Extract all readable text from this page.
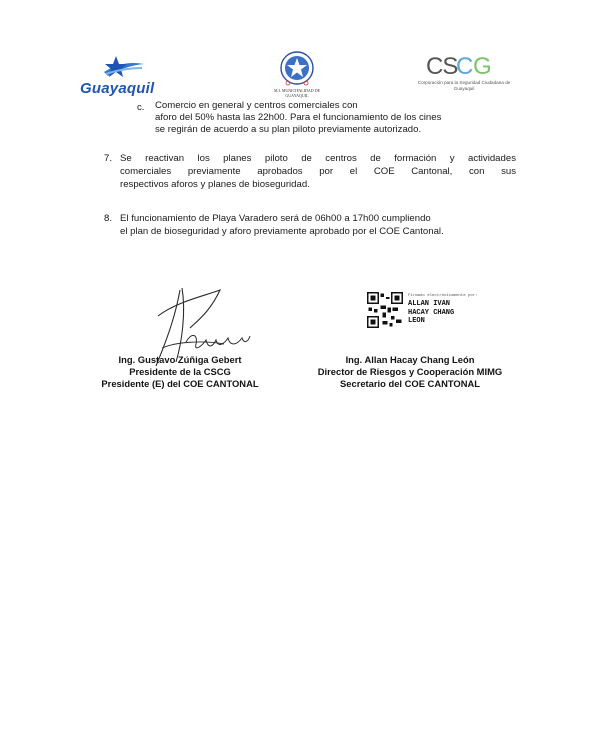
Guayaquil	M.I. MUNICIPALIDAD DE GUAYAQUIL
CS
C G
Corporación para la Seguridad Ciudadana de Guayaquil
c. Comercio en general y centros comerciales con
aforo del 50% hasta las 22h00. Para el funcionamiento de los cines
se regirán de acuerdo a su plan piloto previamente autorizado.
7. Se reactivan los planes piloto de centros de formación y actividades
comerciales previamente aprobados por el COE Cantonal, con sus
respectivos aforos y planes de bioseguridad.
8. El funcionamiento de Playa Varadero será de 06h00 a 17h00 cumpliendo
el plan de bioseguridad y aforo previamente aprobado por el COE Cantonal.
Firmado electrónicamente por:
ALLAN IVAN
HACAY CHANG
LEON
Ing. Gustavo Zúñiga Gebert
Presidente de la CSCG
Presidente (E) del COE CANTONAL
Ing. Allan Hacay Chang León
Director de Riesgos y Cooperación MIMG
Secretario del COE CANTONAL
